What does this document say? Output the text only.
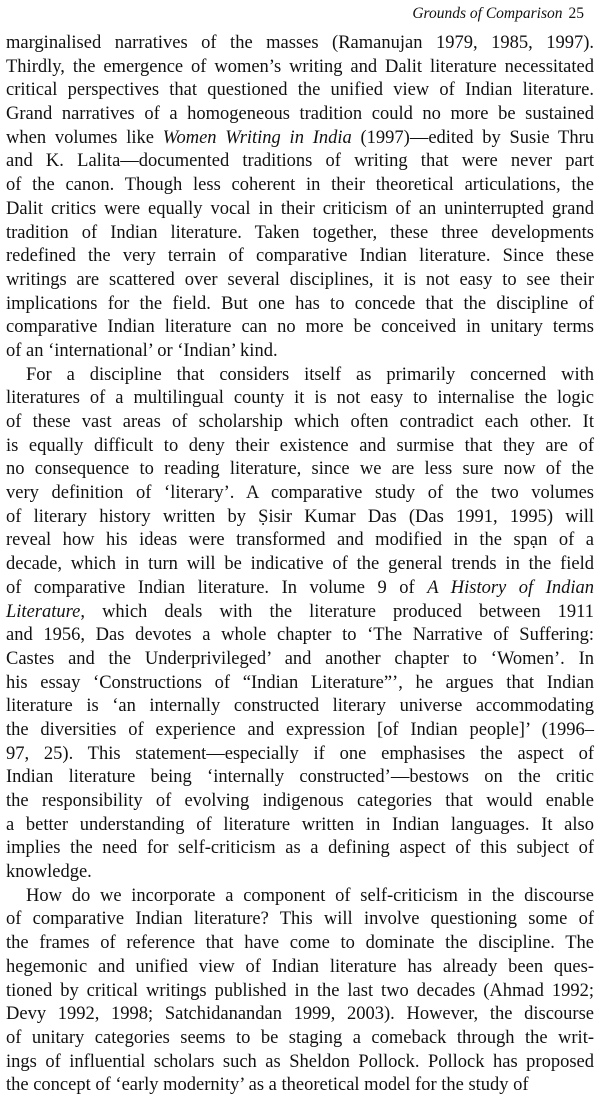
Grounds of Comparison 25
marginalised narratives of the masses (Ramanujan 1979, 1985, 1997).
Thirdly, the emergence of women’s writing and Dalit literature necessitated
critical perspectives that questioned the unified view of Indian literature.
Grand narratives of a homogeneous tradition could no more be sustained
when volumes like Women Writing in India (1997)—edited by Susie Thru
and K. Lalita—documented traditions of writing that were never part
of the canon. Though less coherent in their theoretical articulations, the
Dalit critics were equally vocal in their criticism of an uninterrupted grand
tradition of Indian literature. Taken together, these three developments
redefined the very terrain of comparative Indian literature. Since these
writings are scattered over several disciplines, it is not easy to see their
implications for the field. But one has to concede that the discipline of
comparative Indian literature can no more be conceived in unitary terms
of an ‘international’ or ‘Indian’ kind.
For a discipline that considers itself as primarily concerned with
literatures of a multilingual county it is not easy to internalise the logic
of these vast areas of scholarship which often contradict each other. It
is equally difficult to deny their existence and surmise that they are of
no consequence to reading literature, since we are less sure now of the
very definition of ‘literary’. A comparative study of the two volumes
of literary history written by Ṣisir Kumar Das (Das 1991, 1995) will
reveal how his ideas were transformed and modified in the spạn of a
decade, which in turn will be indicative of the general trends in the field
of comparative Indian literature. In volume 9 of A History of Indian
Literature, which deals with the literature produced between 1911
and 1956, Das devotes a whole chapter to ‘The Narrative of Suffering:
Castes and the Underprivileged’ and another chapter to ‘Women’. In
his essay ‘Constructions of “Indian Literature”’, he argues that Indian
literature is ‘an internally constructed literary universe accommodating
the diversities of experience and expression [of Indian people]’ (1996–
97, 25). This statement—especially if one emphasises the aspect of
Indian literature being ‘internally constructed’—bestows on the critic
the responsibility of evolving indigenous categories that would enable
a better understanding of literature written in Indian languages. It also
implies the need for self-criticism as a defining aspect of this subject of
knowledge.
How do we incorporate a component of self-criticism in the discourse
of comparative Indian literature? This will involve questioning some of
the frames of reference that have come to dominate the discipline. The
hegemonic and unified view of Indian literature has already been ques-
tioned by critical writings published in the last two decades (Ahmad 1992;
Devy 1992, 1998; Satchidanandan 1999, 2003). However, the discourse
of unitary categories seems to be staging a comeback through the writ-
ings of influential scholars such as Sheldon Pollock. Pollock has proposed
the concept of ‘early modernity’ as a theoretical model for the study of
